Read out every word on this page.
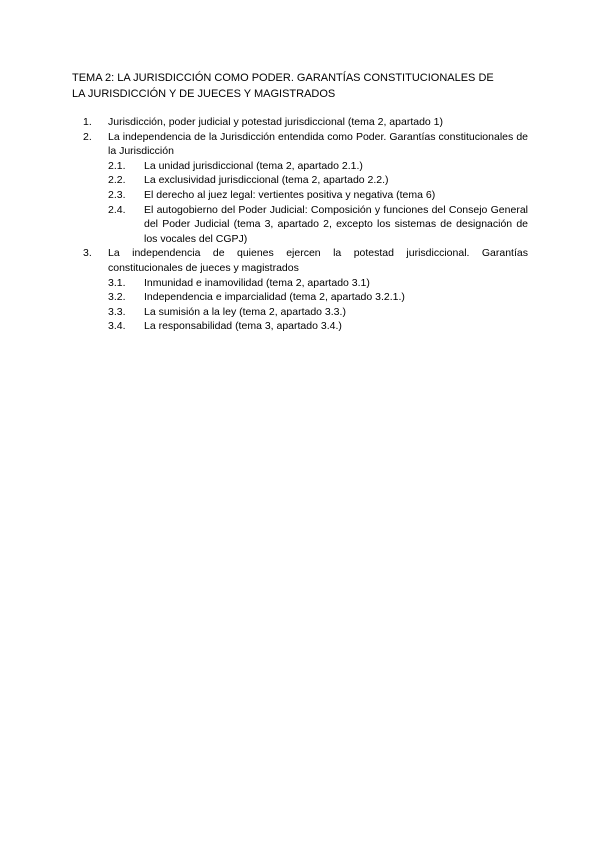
TEMA 2: LA JURISDICCIÓN COMO PODER. GARANTÍAS CONSTITUCIONALES DE
LA JURISDICCIÓN Y DE JUECES Y MAGISTRADOS
1. Jurisdicción, poder judicial y potestad jurisdiccional (tema 2, apartado 1)
2. La independencia de la Jurisdicción entendida como Poder. Garantías constitucionales de la Jurisdicción
2.1. La unidad jurisdiccional (tema 2, apartado 2.1.)
2.2. La exclusividad jurisdiccional (tema 2, apartado 2.2.)
2.3. El derecho al juez legal: vertientes positiva y negativa (tema 6)
2.4. El autogobierno del Poder Judicial: Composición y funciones del Consejo General del Poder Judicial (tema 3, apartado 2, excepto los sistemas de designación de los vocales del CGPJ)
3. La independencia de quienes ejercen la potestad jurisdiccional. Garantías constitucionales de jueces y magistrados
3.1. Inmunidad e inamovilidad (tema 2, apartado 3.1)
3.2. Independencia e imparcialidad (tema 2, apartado 3.2.1.)
3.3. La sumisión a la ley (tema 2, apartado 3.3.)
3.4. La responsabilidad (tema 3, apartado 3.4.)
